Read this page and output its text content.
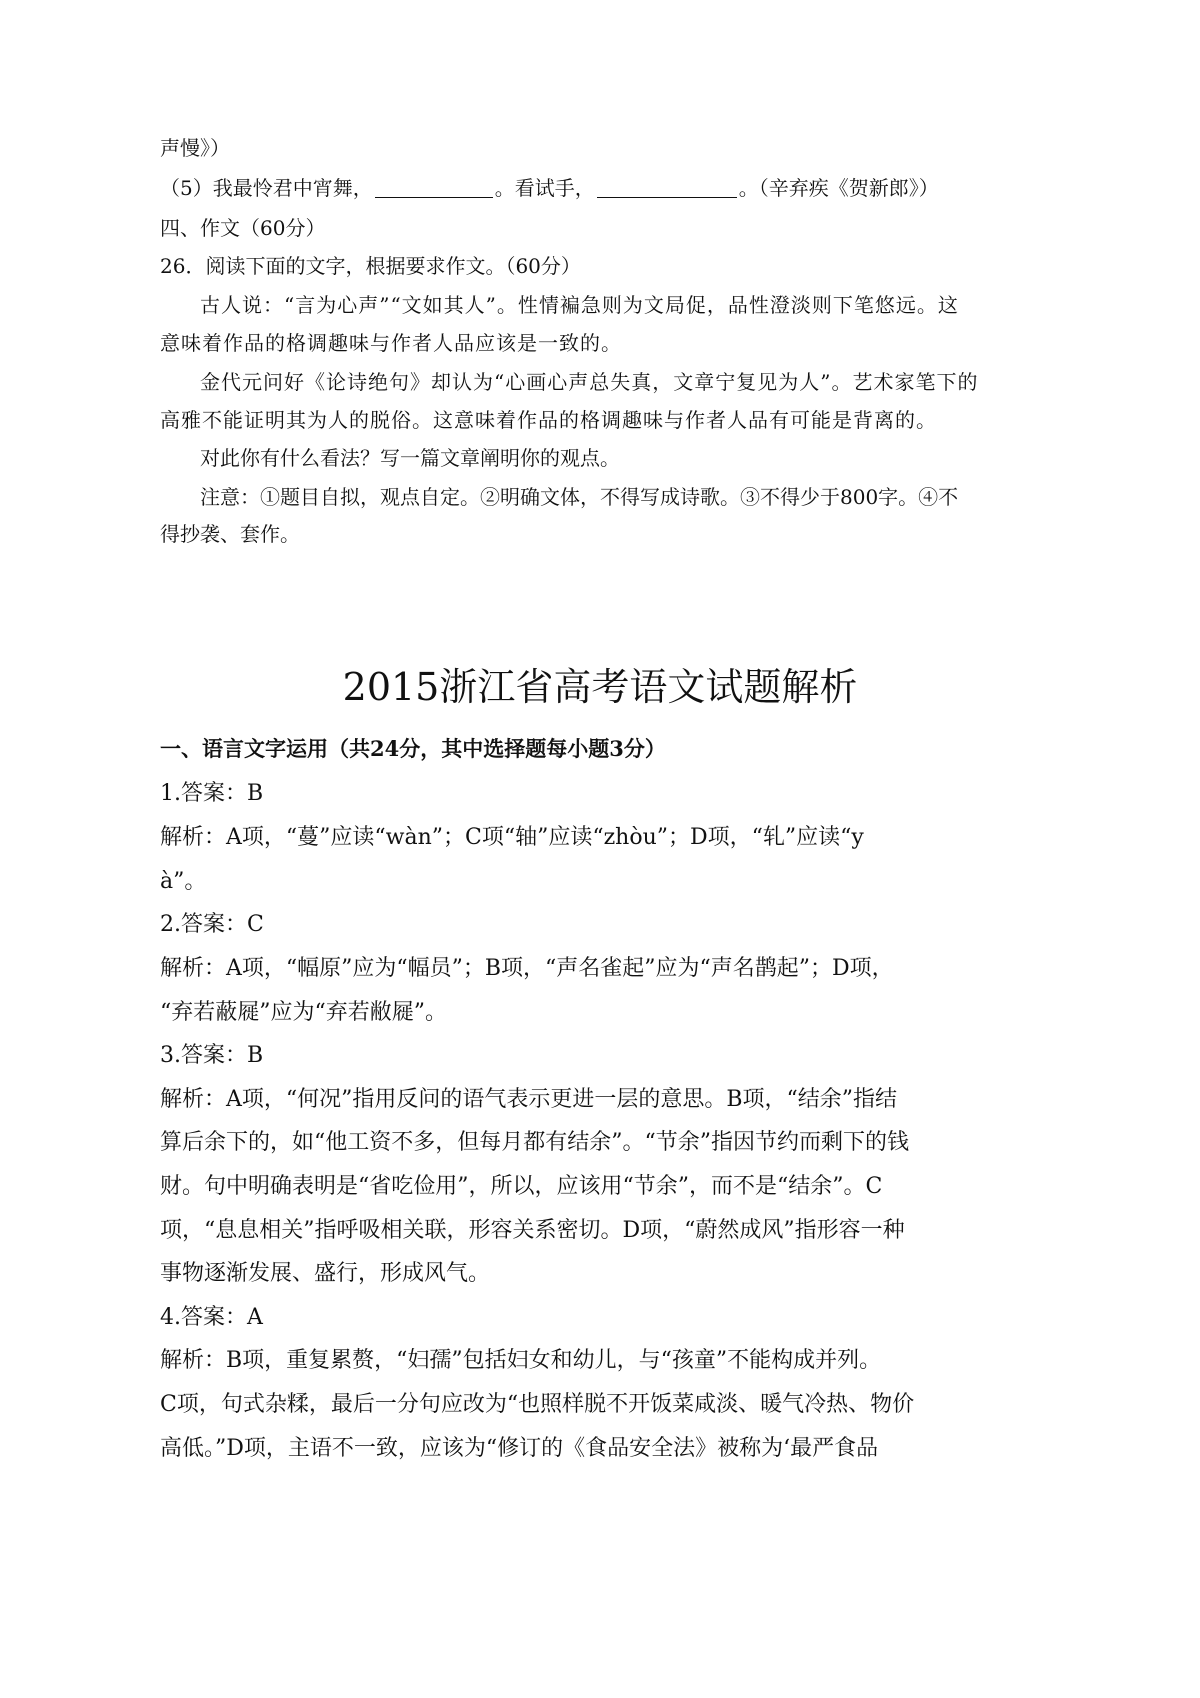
声慢》）
（5）我最怜君中宵舞，	。看试手，	。（辛弃疾《贺新郎》）
四、作文（60分）
26．阅读下面的文字，根据要求作文。（60分）
古人说：“言为心声”“文如其人”。性情褊急则为文局促，品性澄淡则下笔悠远。这
意味着作品的格调趣味与作者人品应该是一致的。
金代元问好《论诗绝句》却认为“心画心声总失真，文章宁复见为人”。艺术家笔下的
高雅不能证明其为人的脱俗。这意味着作品的格调趣味与作者人品有可能是背离的。
对此你有什么看法？写一篇文章阐明你的观点。
注意：①题目自拟，观点自定。②明确文体，不得写成诗歌。③不得少于800字。④不
得抄袭、套作。
2015浙江省高考语文试题解析
一、语言文字运用（共24分，其中选择题每小题3分）
1.答案：B
解析：A项，“蔓”应读“wàn”；C项“轴”应读“zhòu”；D项，“轧”应读“y
à”。
2.答案：C
解析：A项，“幅原”应为“幅员”；B项，“声名雀起”应为“声名鹊起”；D项，
“弃若蔽屣”应为“弃若敝屣”。
3.答案：B
解析：A项，“何况”指用反问的语气表示更进一层的意思。B项，“结余”指结
算后余下的，如“他工资不多，但每月都有结余”。“节余”指因节约而剩下的钱
财。句中明确表明是“省吃俭用”，所以，应该用“节余”，而不是“结余”。C
项，“息息相关”指呼吸相关联，形容关系密切。D项，“蔚然成风”指形容一种
事物逐渐发展、盛行，形成风气。
4.答案：A
解析：B项，重复累赘，“妇孺”包括妇女和幼儿，与“孩童”不能构成并列。
C项，句式杂糅，最后一分句应改为“也照样脱不开饭菜咸淡、暖气冷热、物价
高低。”D项，主语不一致，应该为“修订的《食品安全法》被称为‘最严食品
